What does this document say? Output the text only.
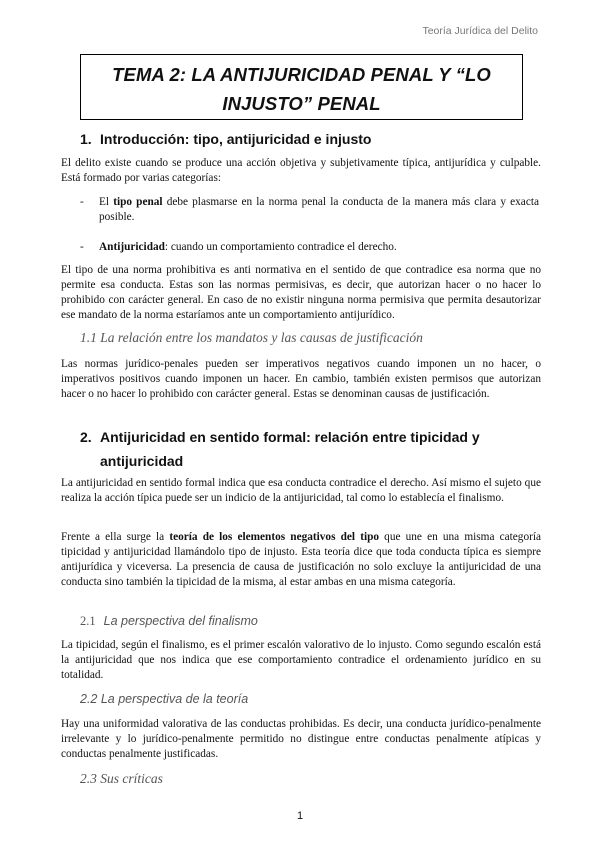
Teoría Jurídica del Delito
TEMA 2: LA ANTIJURICIDAD PENAL Y “LO
INJUSTO” PENAL
1. Introducción: tipo, antijuricidad e injusto
El delito existe cuando se produce una acción objetiva y subjetivamente típica, antijurídica y culpable. Está formado por varias categorías:
- El tipo penal debe plasmarse en la norma penal la conducta de la manera más clara y exacta posible.
- Antijuricidad: cuando un comportamiento contradice el derecho.
El tipo de una norma prohibitiva es anti normativa en el sentido de que contradice esa norma que no permite esa conducta. Estas son las normas permisivas, es decir, que autorizan hacer o no hacer lo prohibido con carácter general. En caso de no existir ninguna norma permisiva que permita desautorizar ese mandato de la norma estaríamos ante un comportamiento antijurídico.
1.1 La relación entre los mandatos y las causas de justificación
Las normas jurídico-penales pueden ser imperativos negativos cuando imponen un no hacer, o imperativos positivos cuando imponen un hacer. En cambio, también existen permisos que autorizan hacer o no hacer lo prohibido con carácter general. Estas se denominan causas de justificación.
2. Antijuricidad en sentido formal: relación entre tipicidad y
antijuricidad
La antijuricidad en sentido formal indica que esa conducta contradice el derecho. Así mismo el sujeto que realiza la acción típica puede ser un indicio de la antijuricidad, tal como lo establecía el finalismo.
Frente a ella surge la teoría de los elementos negativos del tipo que une en una misma categoría tipicidad y antijuricidad llamándolo tipo de injusto. Esta teoría dice que toda conducta típica es siempre antijurídica y viceversa. La presencia de causa de justificación no solo excluye la antijuricidad de una conducta sino también la tipicidad de la misma, al estar ambas en una misma categoría.
2.1 La perspectiva del finalismo
La tipicidad, según el finalismo, es el primer escalón valorativo de lo injusto. Como segundo escalón está la antijuricidad que nos indica que ese comportamiento contradice el ordenamiento jurídico en su totalidad.
2.2 La perspectiva de la teoría
Hay una uniformidad valorativa de las conductas prohibidas. Es decir, una conducta jurídico-penalmente irrelevante y lo jurídico-penalmente permitido no distingue entre conductas penalmente atípicas y conductas penalmente justificadas.
2.3 Sus críticas
1
